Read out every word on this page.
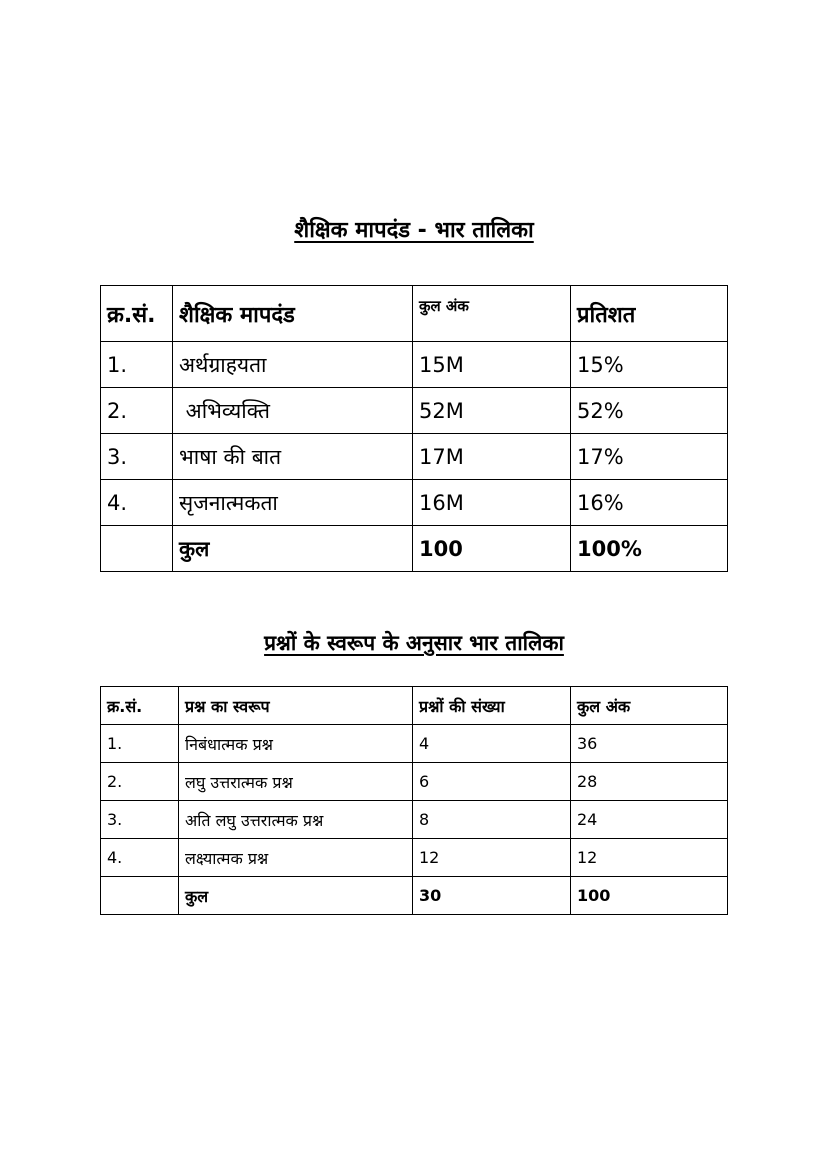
शैक्षिक मापदंड - भार तालिका
क्र.सं.	शैक्षिक मापदंड	कुल अंक	प्रतिशत
1.	अर्थग्राहयता	15M	15%
2.	अभिव्यक्ति	52M	52%
3.	भाषा की बात	17M	17%
4.	सृजनात्मकता	16M	16%
	कुल	100	100%
प्रश्नों के स्वरूप के अनुसार भार तालिका
क्र.सं.	प्रश्न का स्वरूप	प्रश्नों की संख्या	कुल अंक
1.	निबंधात्मक प्रश्न	4	36
2.	लघु उत्तरात्मक प्रश्न	6	28
3.	अति लघु उत्तरात्मक प्रश्न	8	24
4.	लक्ष्यात्मक प्रश्न	12	12
	कुल	30	100
